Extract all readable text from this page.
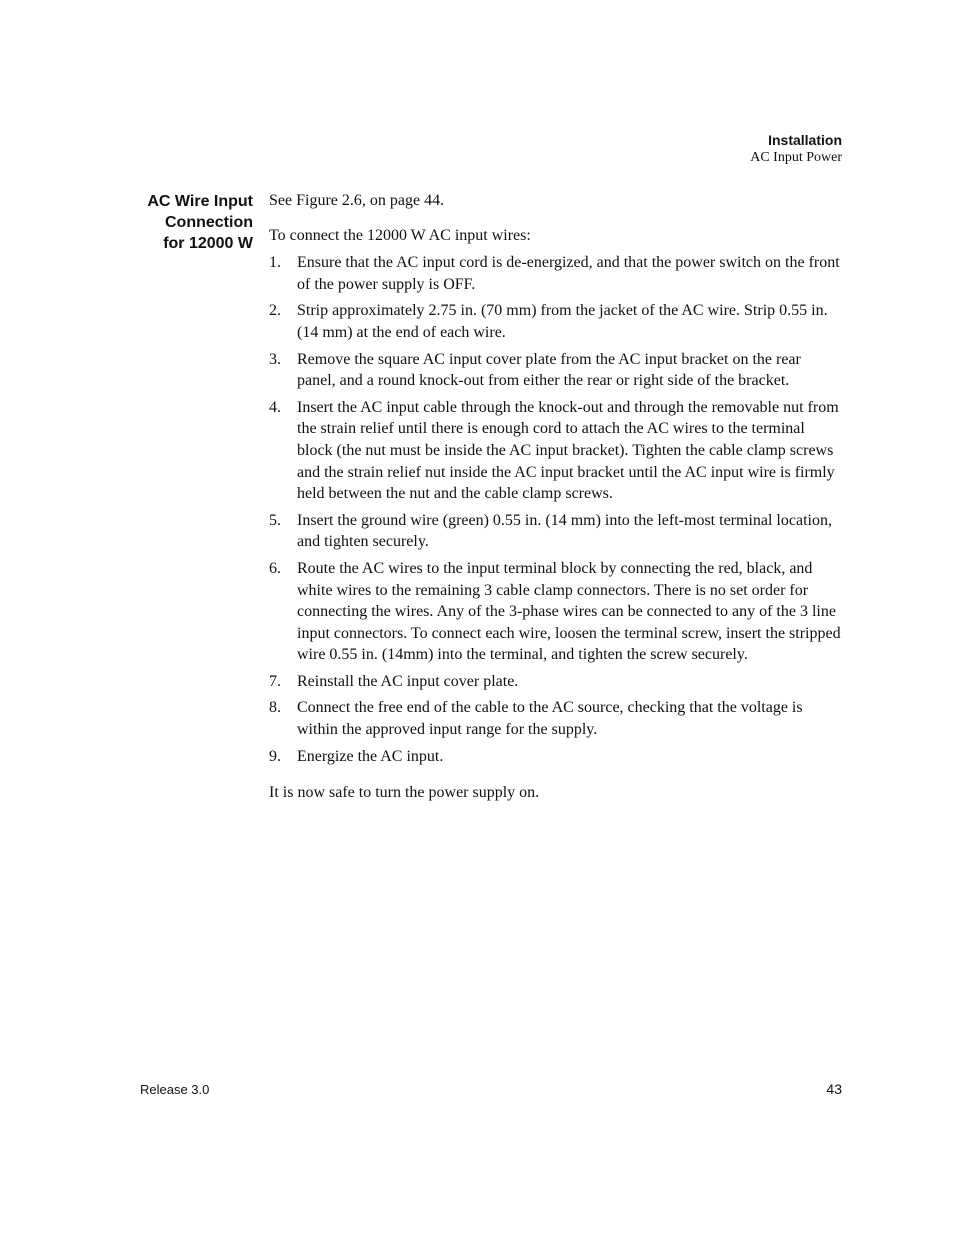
Installation
AC Input Power
AC Wire Input
Connection
for 12000 W

See Figure 2.6, on page 44.

To connect the 12000 W AC input wires:

1.	Ensure that the AC input cord is de-energized, and that the power switch on the front of the power supply is OFF.
2.	Strip approximately 2.75 in. (70 mm) from the jacket of the AC wire. Strip 0.55 in. (14 mm) at the end of each wire.
3.	Remove the square AC input cover plate from the AC input bracket on the rear panel, and a round knock-out from either the rear or right side of the bracket.
4.	Insert the AC input cable through the knock-out and through the removable nut from the strain relief until there is enough cord to attach the AC wires to the terminal block (the nut must be inside the AC input bracket). Tighten the cable clamp screws and the strain relief nut inside the AC input bracket until the AC input wire is firmly held between the nut and the cable clamp screws.
5.	Insert the ground wire (green) 0.55 in. (14 mm) into the left-most terminal location, and tighten securely.
6.	Route the AC wires to the input terminal block by connecting the red, black, and white wires to the remaining 3 cable clamp connectors. There is no set order for connecting the wires. Any of the 3-phase wires can be connected to any of the 3 line input connectors. To connect each wire, loosen the terminal screw, insert the stripped wire 0.55 in. (14mm) into the terminal, and tighten the screw securely.
7.	Reinstall the AC input cover plate.
8.	Connect the free end of the cable to the AC source, checking that the voltage is within the approved input range for the supply.
9.	Energize the AC input.

It is now safe to turn the power supply on.

Release 3.0	43
